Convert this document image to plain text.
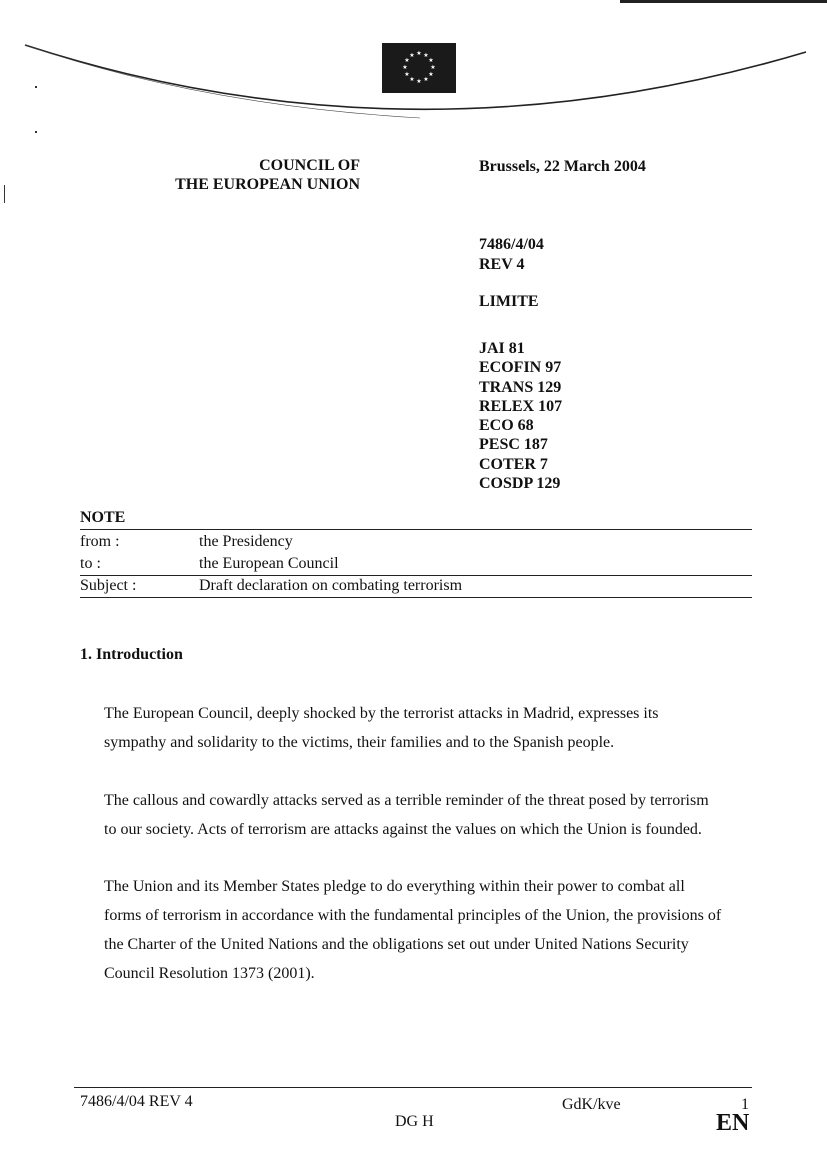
★ ★
★
★
★
★
★
★
★
★
★
★
COUNCIL OF
THE EUROPEAN UNION
Brussels, 22 March 2004
7486/4/04
REV 4
LIMITE
JAI 81
ECOFIN 97
TRANS 129
RELEX 107
ECO 68
PESC 187
COTER 7
COSDP 129
NOTE
from :	the Presidency
to :	the European Council
Subject :	Draft declaration on combating terrorism
1. Introduction
The European Council, deeply shocked by the terrorist attacks in Madrid, expresses its
sympathy and solidarity to the victims, their families and to the Spanish people.
The callous and cowardly attacks served as a terrible reminder of the threat posed by terrorism
to our society. Acts of terrorism are attacks against the values on which the Union is founded.
The Union and its Member States pledge to do everything within their power to combat all
forms of terrorism in accordance with the fundamental principles of the Union, the provisions of
the Charter of the United Nations and the obligations set out under United Nations Security
Council Resolution 1373 (2001).
7486/4/04 REV 4
DG H
GdK/kve	1
EN
